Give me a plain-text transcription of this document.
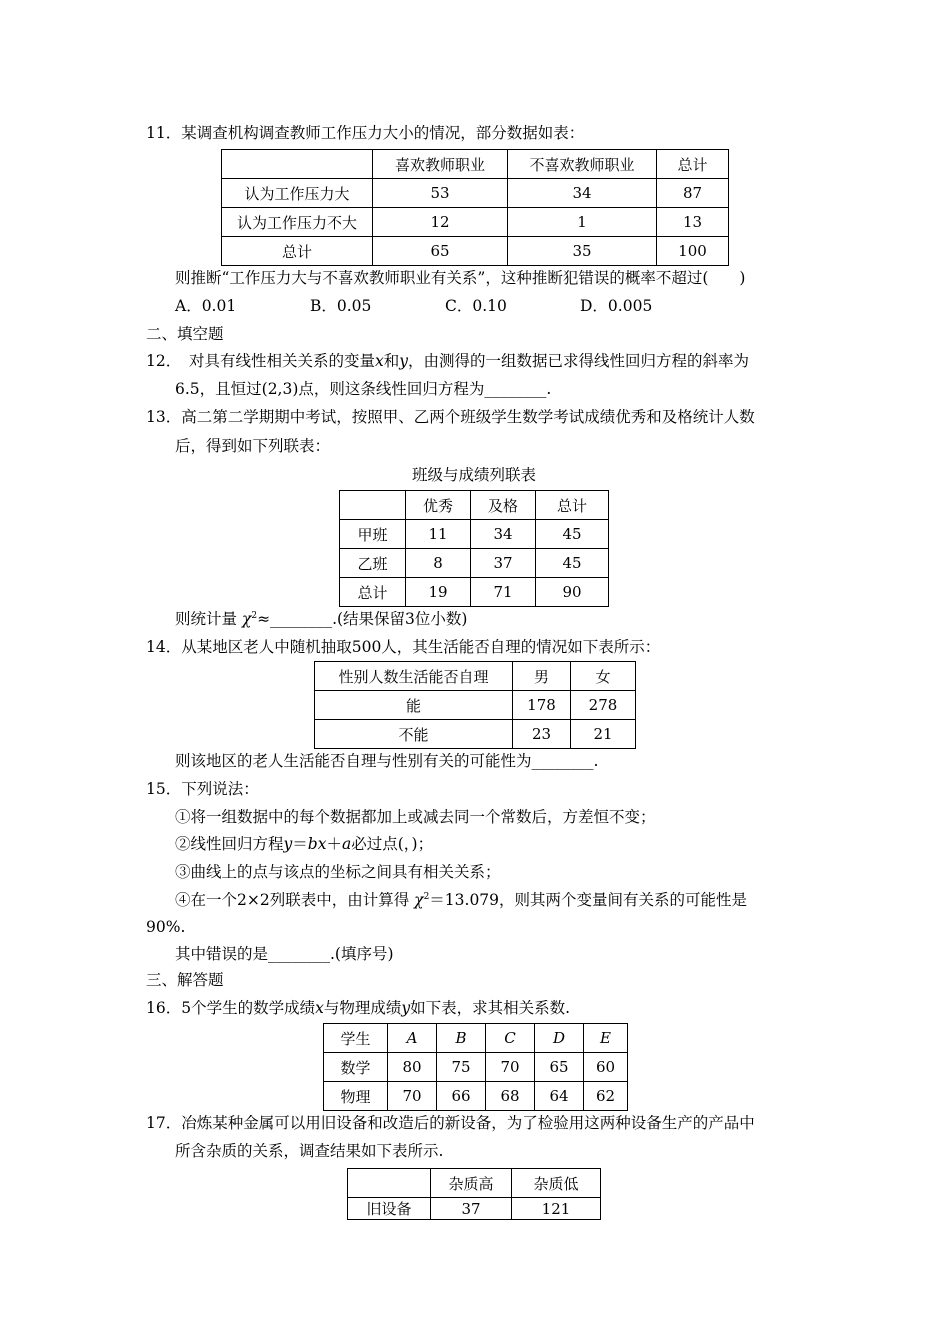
11．某调查机构调查教师工作压力大小的情况，部分数据如表：
	喜欢教师职业	不喜欢教师职业	总计
认为工作压力大	53	34	87
认为工作压力不大	12	1	13
总计	65	35	100
则推断“工作压力大与不喜欢教师职业有关系”，这种推断犯错误的概率不超过(　　)
A．0.01	B．0.05	C．0.10	D．0.005
二、填空题
12．　对具有线性相关关系的变量x和y，由测得的一组数据已求得线性回归方程的斜率为
6.5，且恒过(2,3)点，则这条线性回归方程为________.
13．高二第二学期期中考试，按照甲、乙两个班级学生数学考试成绩优秀和及格统计人数
后，得到如下列联表：
班级与成绩列联表
	优秀	及格	总计
甲班	11	34	45
乙班	8	37	45
总计	19	71	90
则统计量 $\chi^2\approx\_\_\_\_\_\_\_\_$.(结果保留3位小数)
14．从某地区老人中随机抽取500人，其生活能否自理的情况如下表所示：
性别人数生活能否自理	男	女
能	178	278
不能	23	21
则该地区的老人生活能否自理与性别有关的可能性为________.
15．下列说法：
①将一组数据中的每个数据都加上或减去同一个常数后，方差恒不变；
②线性回归方程y＝bx＋a必过点(，)；
③曲线上的点与该点的坐标之间具有相关关系；
④在一个2×2列联表中，由计算得 $\chi^2=13.079$，则其两个变量间有关系的可能性是
90%.
其中错误的是________.(填序号)
三、解答题
16．5个学生的数学成绩x与物理成绩y如下表，求其相关系数.
学生	A	B	C	D	E
数学	80	75	70	65	60
物理	70	66	68	64	62
17．冶炼某种金属可以用旧设备和改造后的新设备，为了检验用这两种设备生产的产品中
所含杂质的关系，调查结果如下表所示.
	杂质高	杂质低
旧设备	37	121
